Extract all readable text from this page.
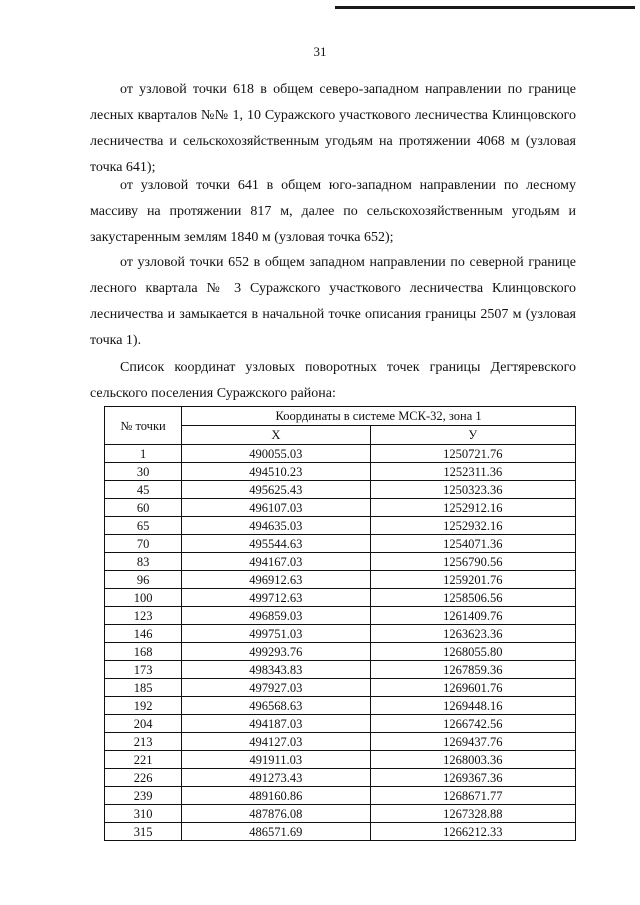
31

от узловой точки 618 в общем северо-западном направлении по границе лесных кварталов №№ 1, 10 Суражского участкового лесничества Клинцовского лесничества и сельскохозяйственным угодьям на протяжении 4068 м (узловая точка 641);

от узловой точки 641 в общем юго-западном направлении по лесному массиву на протяжении 817 м, далее по сельскохозяйственным угодьям и закустаренным землям 1840 м (узловая точка 652);

от узловой точки 652 в общем западном направлении по северной границе лесного квартала № 3 Суражского участкового лесничества Клинцовского лесничества и замыкается в начальной точке описания границы 2507 м (узловая точка 1).

Список координат узловых поворотных точек границы Дегтяревского сельского поселения Суражского района:

№ точки	Координаты в системе МСК-32, зона 1	
	X	У
1	490055.03	1250721.76
30	494510.23	1252311.36
45	495625.43	1250323.36
60	496107.03	1252912.16
65	494635.03	1252932.16
70	495544.63	1254071.36
83	494167.03	1256790.56
96	496912.63	1259201.76
100	499712.63	1258506.56
123	496859.03	1261409.76
146	499751.03	1263623.36
168	499293.76	1268055.80
173	498343.83	1267859.36
185	497927.03	1269601.76
192	496568.63	1269448.16
204	494187.03	1266742.56
213	494127.03	1269437.76
221	491911.03	1268003.36
226	491273.43	1269367.36
239	489160.86	1268671.77
310	487876.08	1267328.88
315	486571.69	1266212.33
